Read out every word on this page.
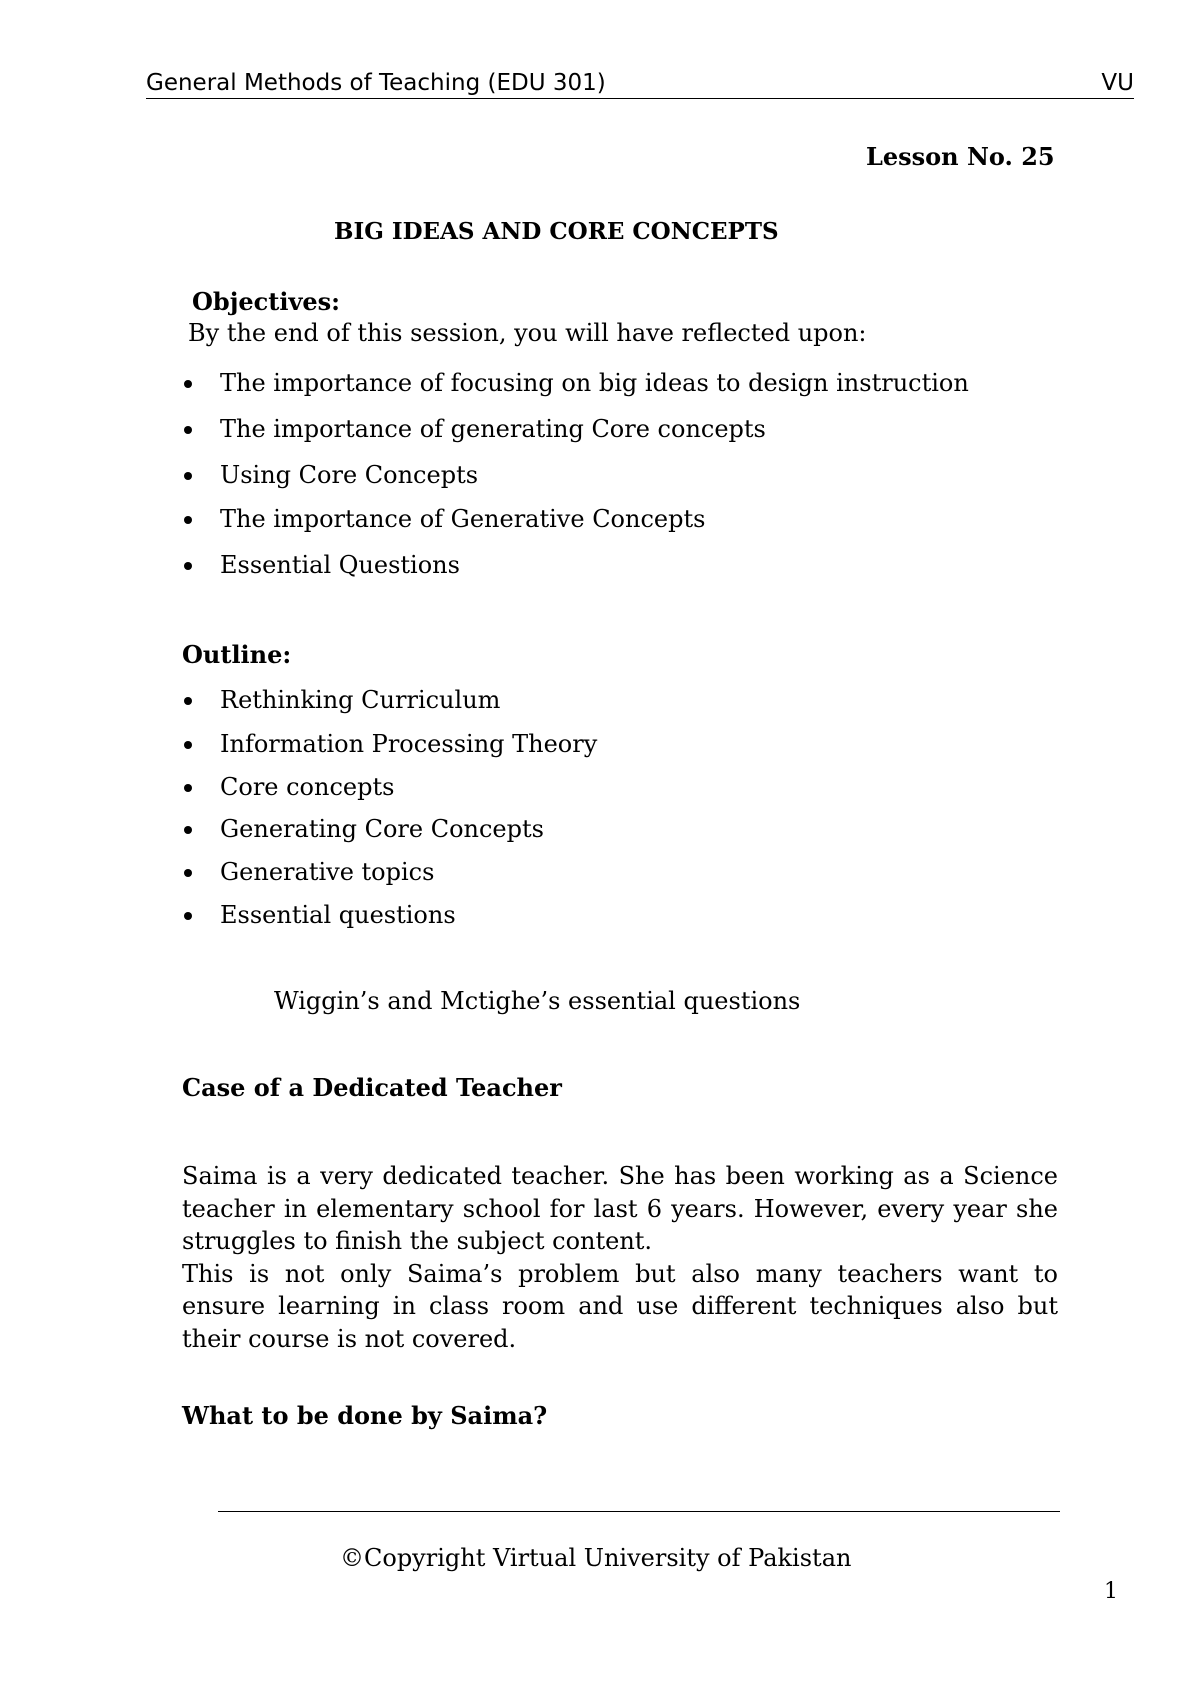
General Methods of Teaching (EDU 301)	VU
Lesson No. 25
BIG IDEAS AND CORE CONCEPTS
Objectives:
By the end of this session, you will have reflected upon:
The importance of focusing on big ideas to design instruction
The importance of generating Core concepts
Using Core Concepts
The importance of Generative Concepts
Essential Questions
Outline:
Rethinking Curriculum
Information Processing Theory
Core concepts
Generating Core Concepts
Generative topics
Essential questions
Wiggin’s and Mctighe’s essential questions
Case of a Dedicated Teacher

Saima is a very dedicated teacher. She has been working as a Science teacher in elementary school for last 6 years. However, every year she struggles to finish the subject content.

This is not only Saima’s problem but also many teachers want to ensure learning in class room and use different techniques also but their course is not covered.

What to be done by Saima?
©Copyright Virtual University of Pakistan
1
